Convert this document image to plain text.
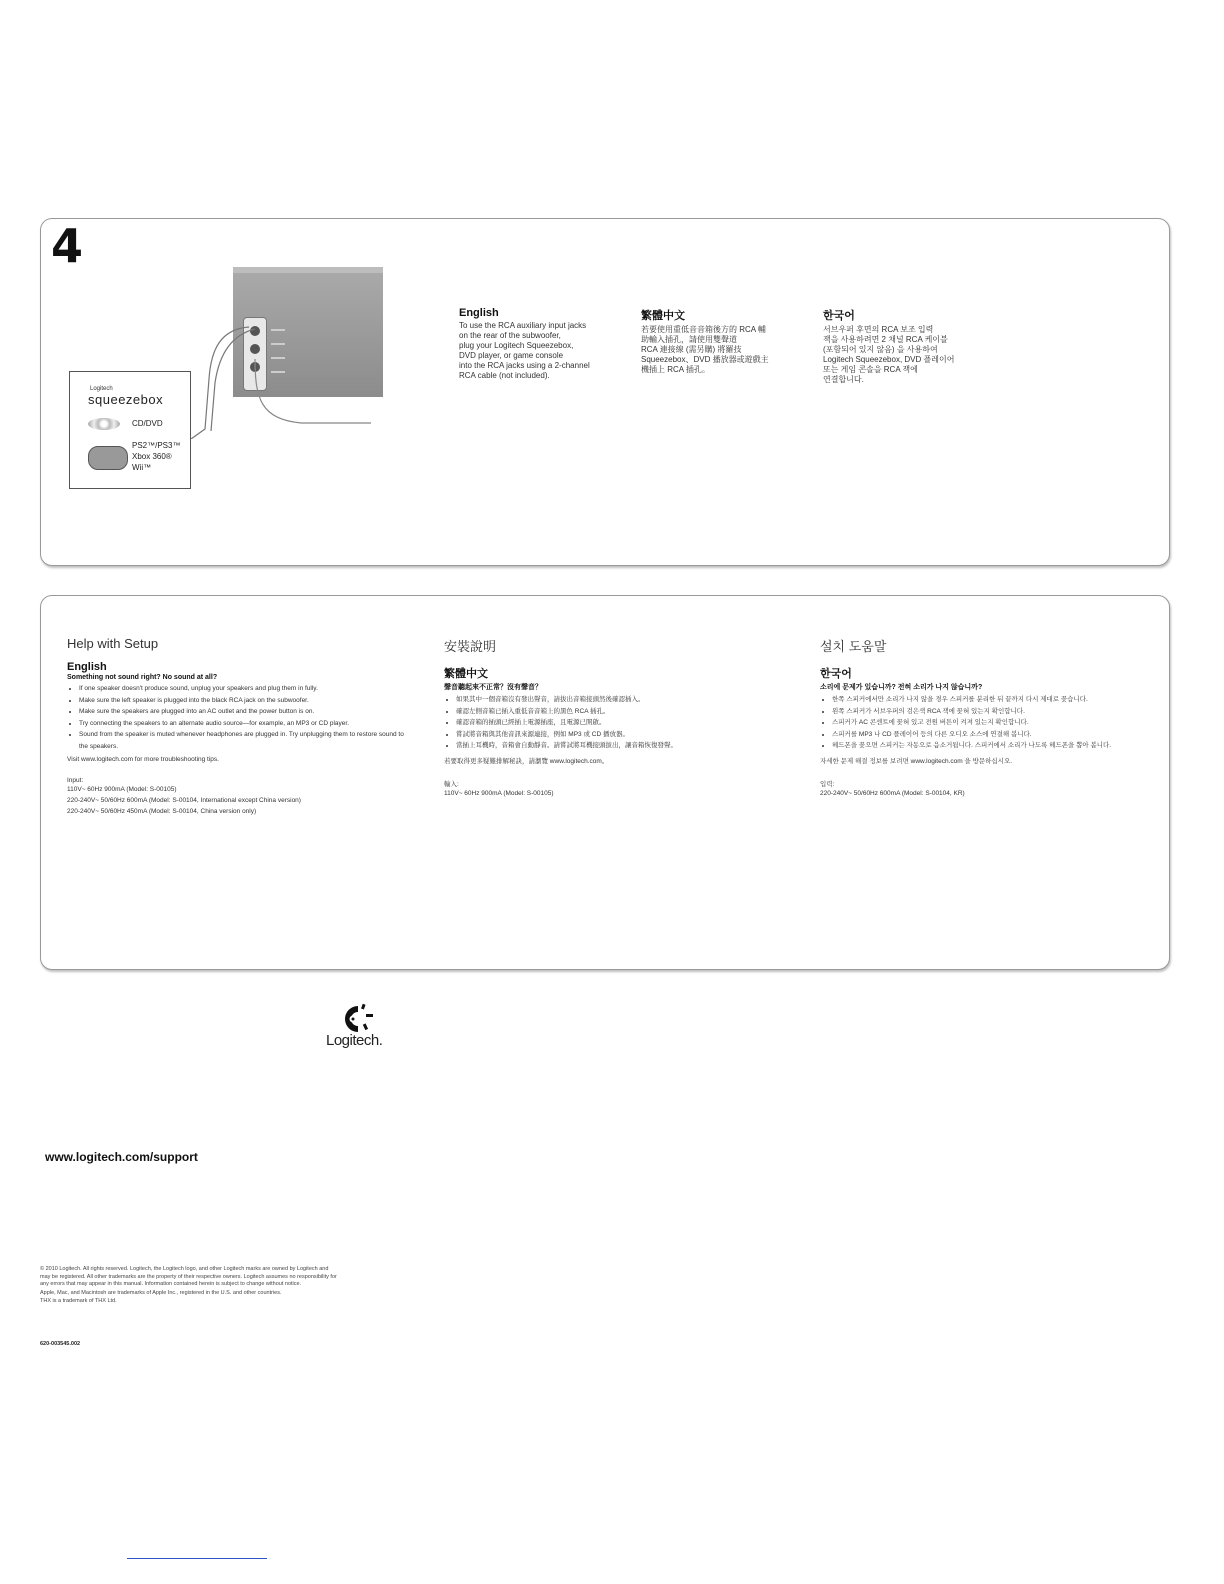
4
Logitech
squeezebox
CD/DVD
PS2™/PS3™
Xbox 360®
Wii™
English
To use the RCA auxiliary input jacks
on the rear of the subwoofer,
plug your Logitech Squeezebox,
DVD player, or game console
into the RCA jacks using a 2-channel
RCA cable (not included).
繁體中文
若要使用重低音音箱後方的 RCA 輔
助輸入插孔，請使用雙聲道
RCA 連接線 (需另購) 將羅技
Squeezebox、DVD 播放器或遊戲主
機插上 RCA 插孔。
한국어
서브우퍼 후면의 RCA 보조 입력
잭을 사용하려면 2 채널 RCA 케이블
(포함되어 있지 않음) 을 사용하여
Logitech Squeezebox, DVD 플레이어
또는 게임 콘솔을 RCA 잭에
연결합니다.
Help with Setup
English
Something not sound right? No sound at all?
• If one speaker doesn't produce sound, unplug your speakers and plug them in fully.
• Make sure the left speaker is plugged into the black RCA jack on the subwoofer.
• Make sure the speakers are plugged into an AC outlet and the power button is on.
• Try connecting the speakers to an alternate audio source—for example, an MP3 or CD player.
• Sound from the speaker is muted whenever headphones are plugged in. Try unplugging them to restore sound to the speakers.
Visit www.logitech.com for more troubleshooting tips.
Input:
110V~ 60Hz 900mA (Model: S-00105)
220-240V~ 50/60Hz 600mA (Model: S-00104, International except China version)
220-240V~ 50/60Hz 450mA (Model: S-00104, China version only)
安裝說明
繁體中文
聲音聽起來不正常？沒有聲音？
• 如果其中一個音箱沒有發出聲音，請拔出音箱接頭然後確認插入。
• 確認左側音箱已插入重低音音箱上的黑色 RCA 插孔。
• 確認音箱的插頭已經插上電源插座，且電源已開啟。
• 嘗試將音箱與其他音訊來源連接，例如 MP3 或 CD 播放器。
• 當插上耳機時，音箱會自動靜音。請嘗試將耳機接頭拔出，讓音箱恢復發聲。
若要取得更多疑難排解秘訣，請瀏覽 www.logitech.com。
輸入:
110V~ 60Hz 900mA (Model: S-00105)
설치 도움말
한국어
소리에 문제가 있습니까? 전혀 소리가 나지 않습니까?
• 한쪽 스피커에서만 소리가 나지 않을 경우 스피커를 분리한 뒤 끝까지 다시 제대로 꽂습니다.
• 왼쪽 스피커가 서브우퍼의 검은색 RCA 잭에 꽂혀 있는지 확인합니다.
• 스피커가 AC 콘센트에 꽂혀 있고 전원 버튼이 켜져 있는지 확인합니다.
• 스피커를 MP3 나 CD 플레이어 등의 다른 오디오 소스에 연결해 봅니다.
• 헤드폰을 꽂으면 스피커는 자동으로 음소거됩니다. 스피커에서 소리가 나도록 헤드폰을 뽑아 봅니다.
자세한 문제 해결 정보를 보려면 www.logitech.com 을 방문하십시오.
입력:
220-240V~ 50/60Hz 600mA (Model: S-00104, KR)
Logitech.
www.logitech.com/support

© 2010 Logitech. All rights reserved. Logitech, the Logitech logo, and other Logitech marks are owned by Logitech and may be registered. All other trademarks are the property of their respective owners. Logitech assumes no responsibility for any errors that may appear in this manual. Information contained herein is subject to change without notice.

Apple, Mac, and Macintosh are trademarks of Apple Inc., registered in the U.S. and other countries.

THX is a trademark of THX Ltd.

620-003545.002
